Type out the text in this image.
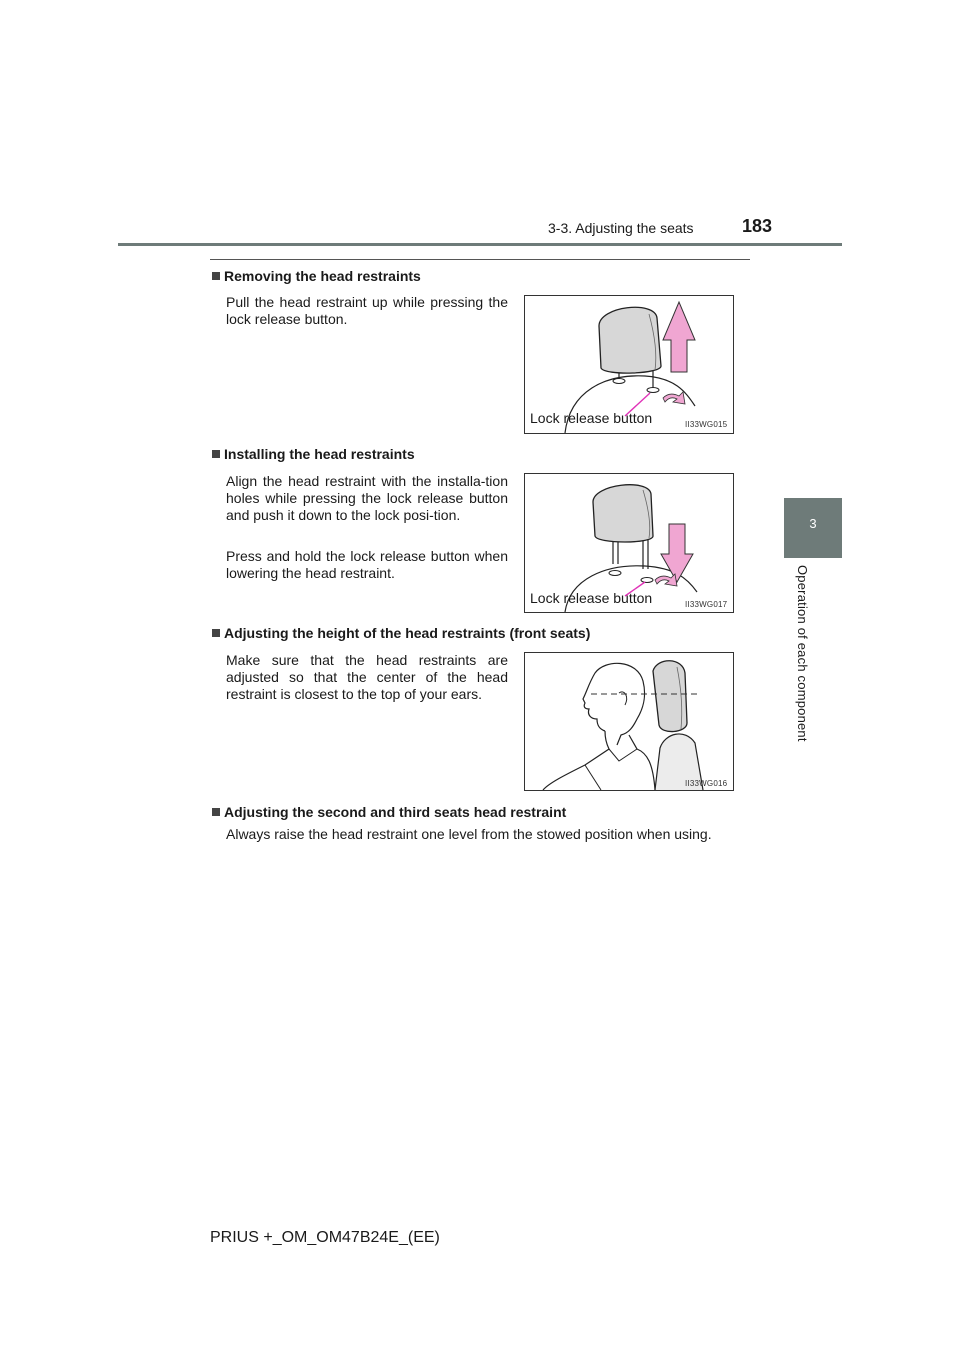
3-3. Adjusting the seats	183
3
Operation of each component
Removing the head restraints
Pull the head restraint up while pressing the lock release button.
Lock release button	II33WG015
Installing the head restraints
Align the head restraint with the installa-tion holes while pressing the lock release button and push it down to the lock posi-tion.
Press and hold the lock release button when lowering the head restraint.
Lock release button	II33WG017
Adjusting the height of the head restraints (front seats)
Make sure that the head restraints are adjusted so that the center of the head restraint is closest to the top of your ears.
II33WG016
Adjusting the second and third seats head restraint
Always raise the head restraint one level from the stowed position when using.
PRIUS +_OM_OM47B24E_(EE)
